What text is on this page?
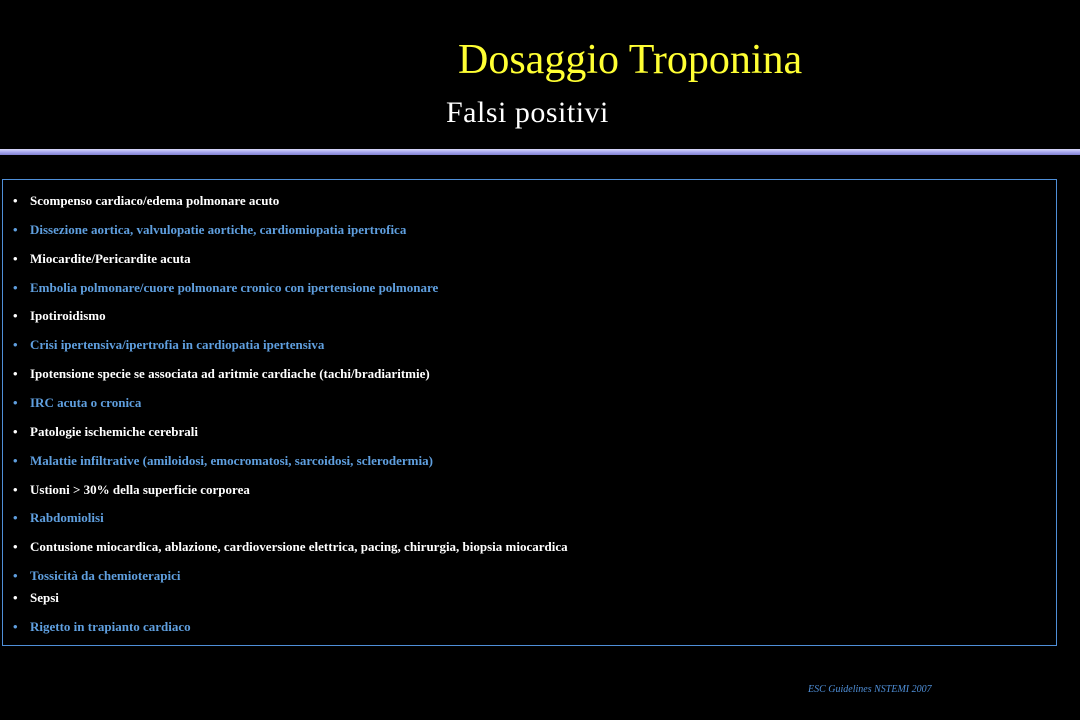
Dosaggio Troponina
Falsi positivi
• Scompenso cardiaco/edema polmonare acuto
• Dissezione aortica, valvulopatie aortiche, cardiomiopatia ipertrofica
• Miocardite/Pericardite acuta
• Embolia polmonare/cuore polmonare cronico con ipertensione polmonare
• Ipotiroidismo
• Crisi ipertensiva/ipertrofia in cardiopatia ipertensiva
• Ipotensione specie se associata ad aritmie cardiache (tachi/bradiaritmie)
• IRC acuta o cronica
• Patologie ischemiche cerebrali
• Malattie infiltrative (amiloidosi, emocromatosi, sarcoidosi, sclerodermia)
• Ustioni > 30% della superficie corporea
• Rabdomiolisi
• Contusione miocardica, ablazione, cardioversione elettrica, pacing, chirurgia, biopsia miocardica
• Tossicità da chemioterapici
• Sepsi
• Rigetto in trapianto cardiaco
ESC Guidelines NSTEMI 2007
